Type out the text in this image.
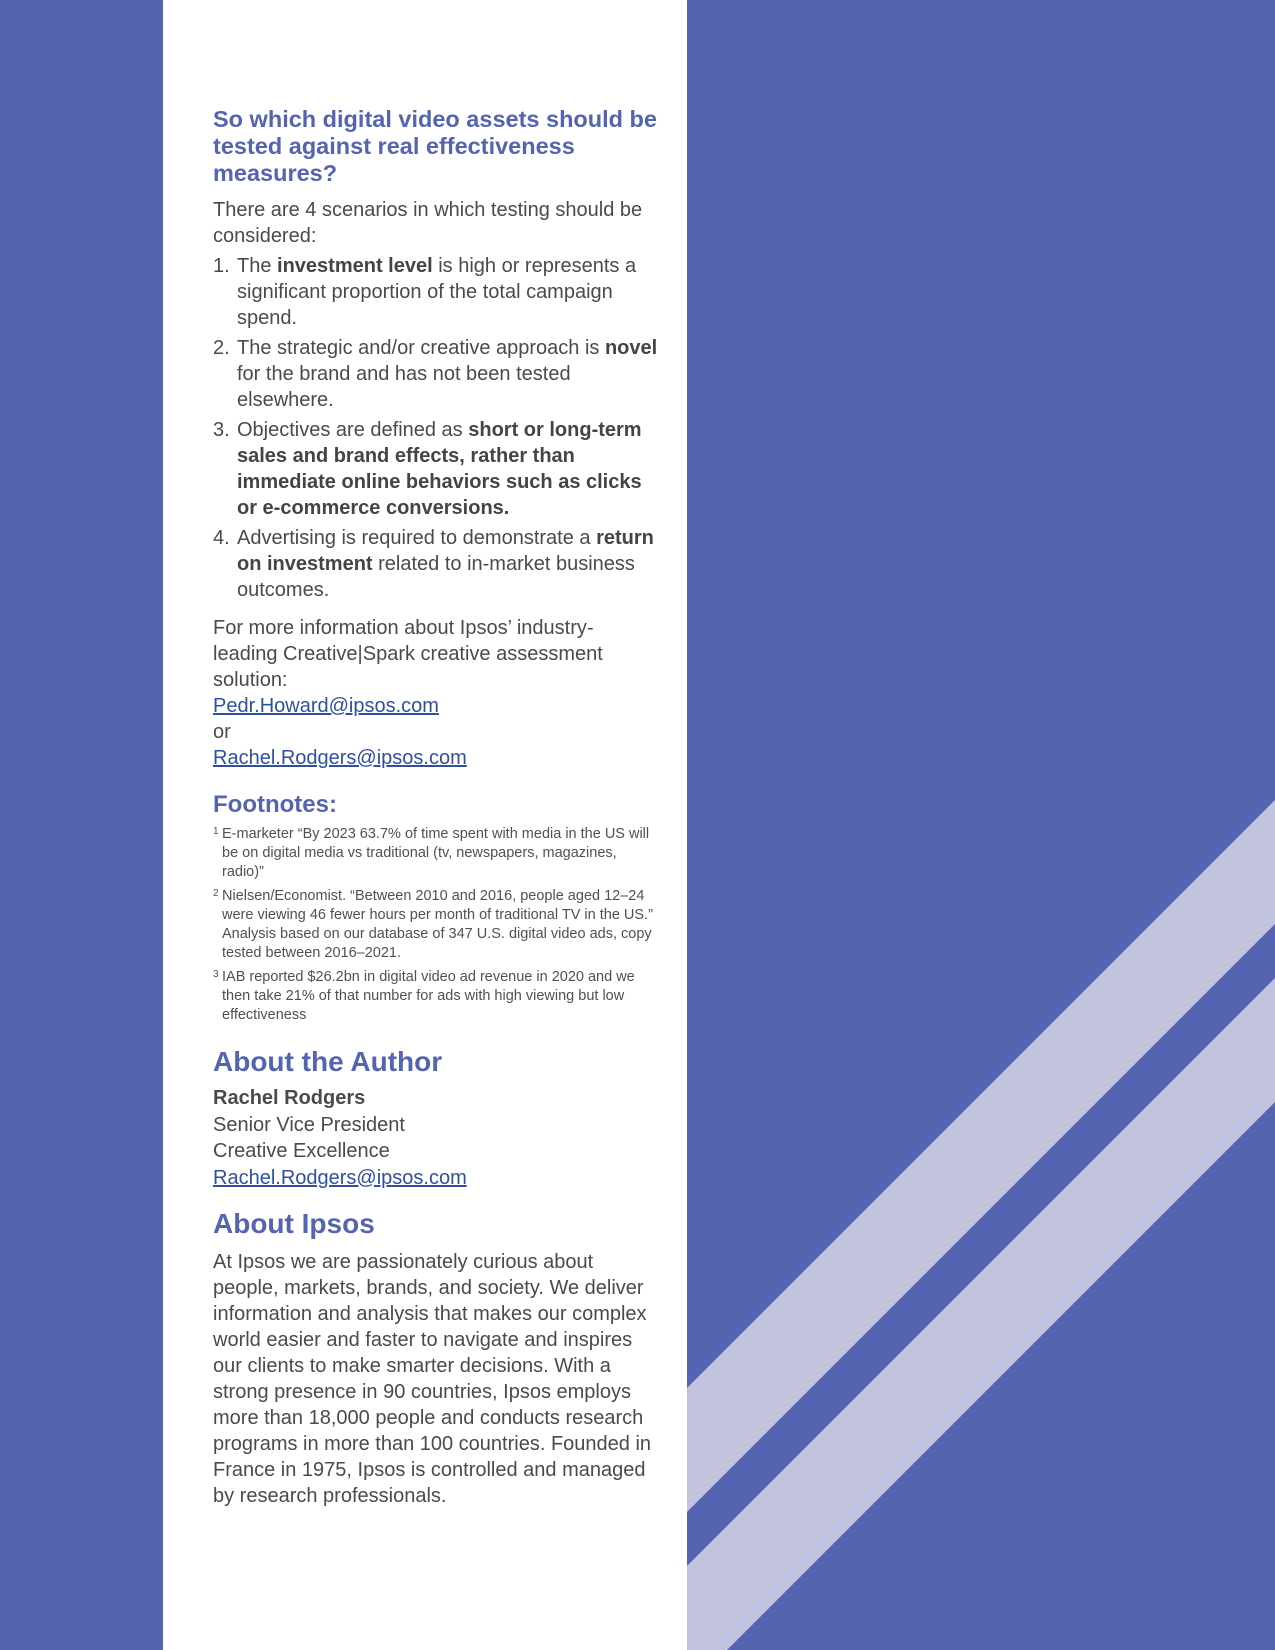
So which digital video assets should be tested against real effectiveness measures?

There are 4 scenarios in which testing should be considered:

1. The investment level is high or represents a significant proportion of the total campaign spend.
2. The strategic and/or creative approach is novel for the brand and has not been tested elsewhere.
3. Objectives are defined as short or long-term sales and brand effects, rather than immediate online behaviors such as clicks or e-commerce conversions.
4. Advertising is required to demonstrate a return on investment related to in-market business outcomes.

For more information about Ipsos’ industry-leading Creative|Spark creative assessment solution:

Pedr.Howard@ipsos.com

or

Rachel.Rodgers@ipsos.com
Footnotes:
1 E-marketer “By 2023 63.7% of time spent with media in the US will be on digital media vs traditional (tv, newspapers, magazines, radio)”
2 Nielsen/Economist. “Between 2010 and 2016, people aged 12–24 were viewing 46 fewer hours per month of traditional TV in the US.” Analysis based on our database of 347 U.S. digital video ads, copy tested between 2016–2021.
3 IAB reported $26.2bn in digital video ad revenue in 2020 and we then take 21% of that number for ads with high viewing but low effectiveness
About the Author

Rachel Rodgers

Senior Vice President

Creative Excellence

Rachel.Rodgers@ipsos.com
About Ipsos

At Ipsos we are passionately curious about people, markets, brands, and society. We deliver information and analysis that makes our complex world easier and faster to navigate and inspires our clients to make smarter decisions. With a strong presence in 90 countries, Ipsos employs more than 18,000 people and conducts research programs in more than 100 countries. Founded in France in 1975, Ipsos is controlled and managed by research professionals.
